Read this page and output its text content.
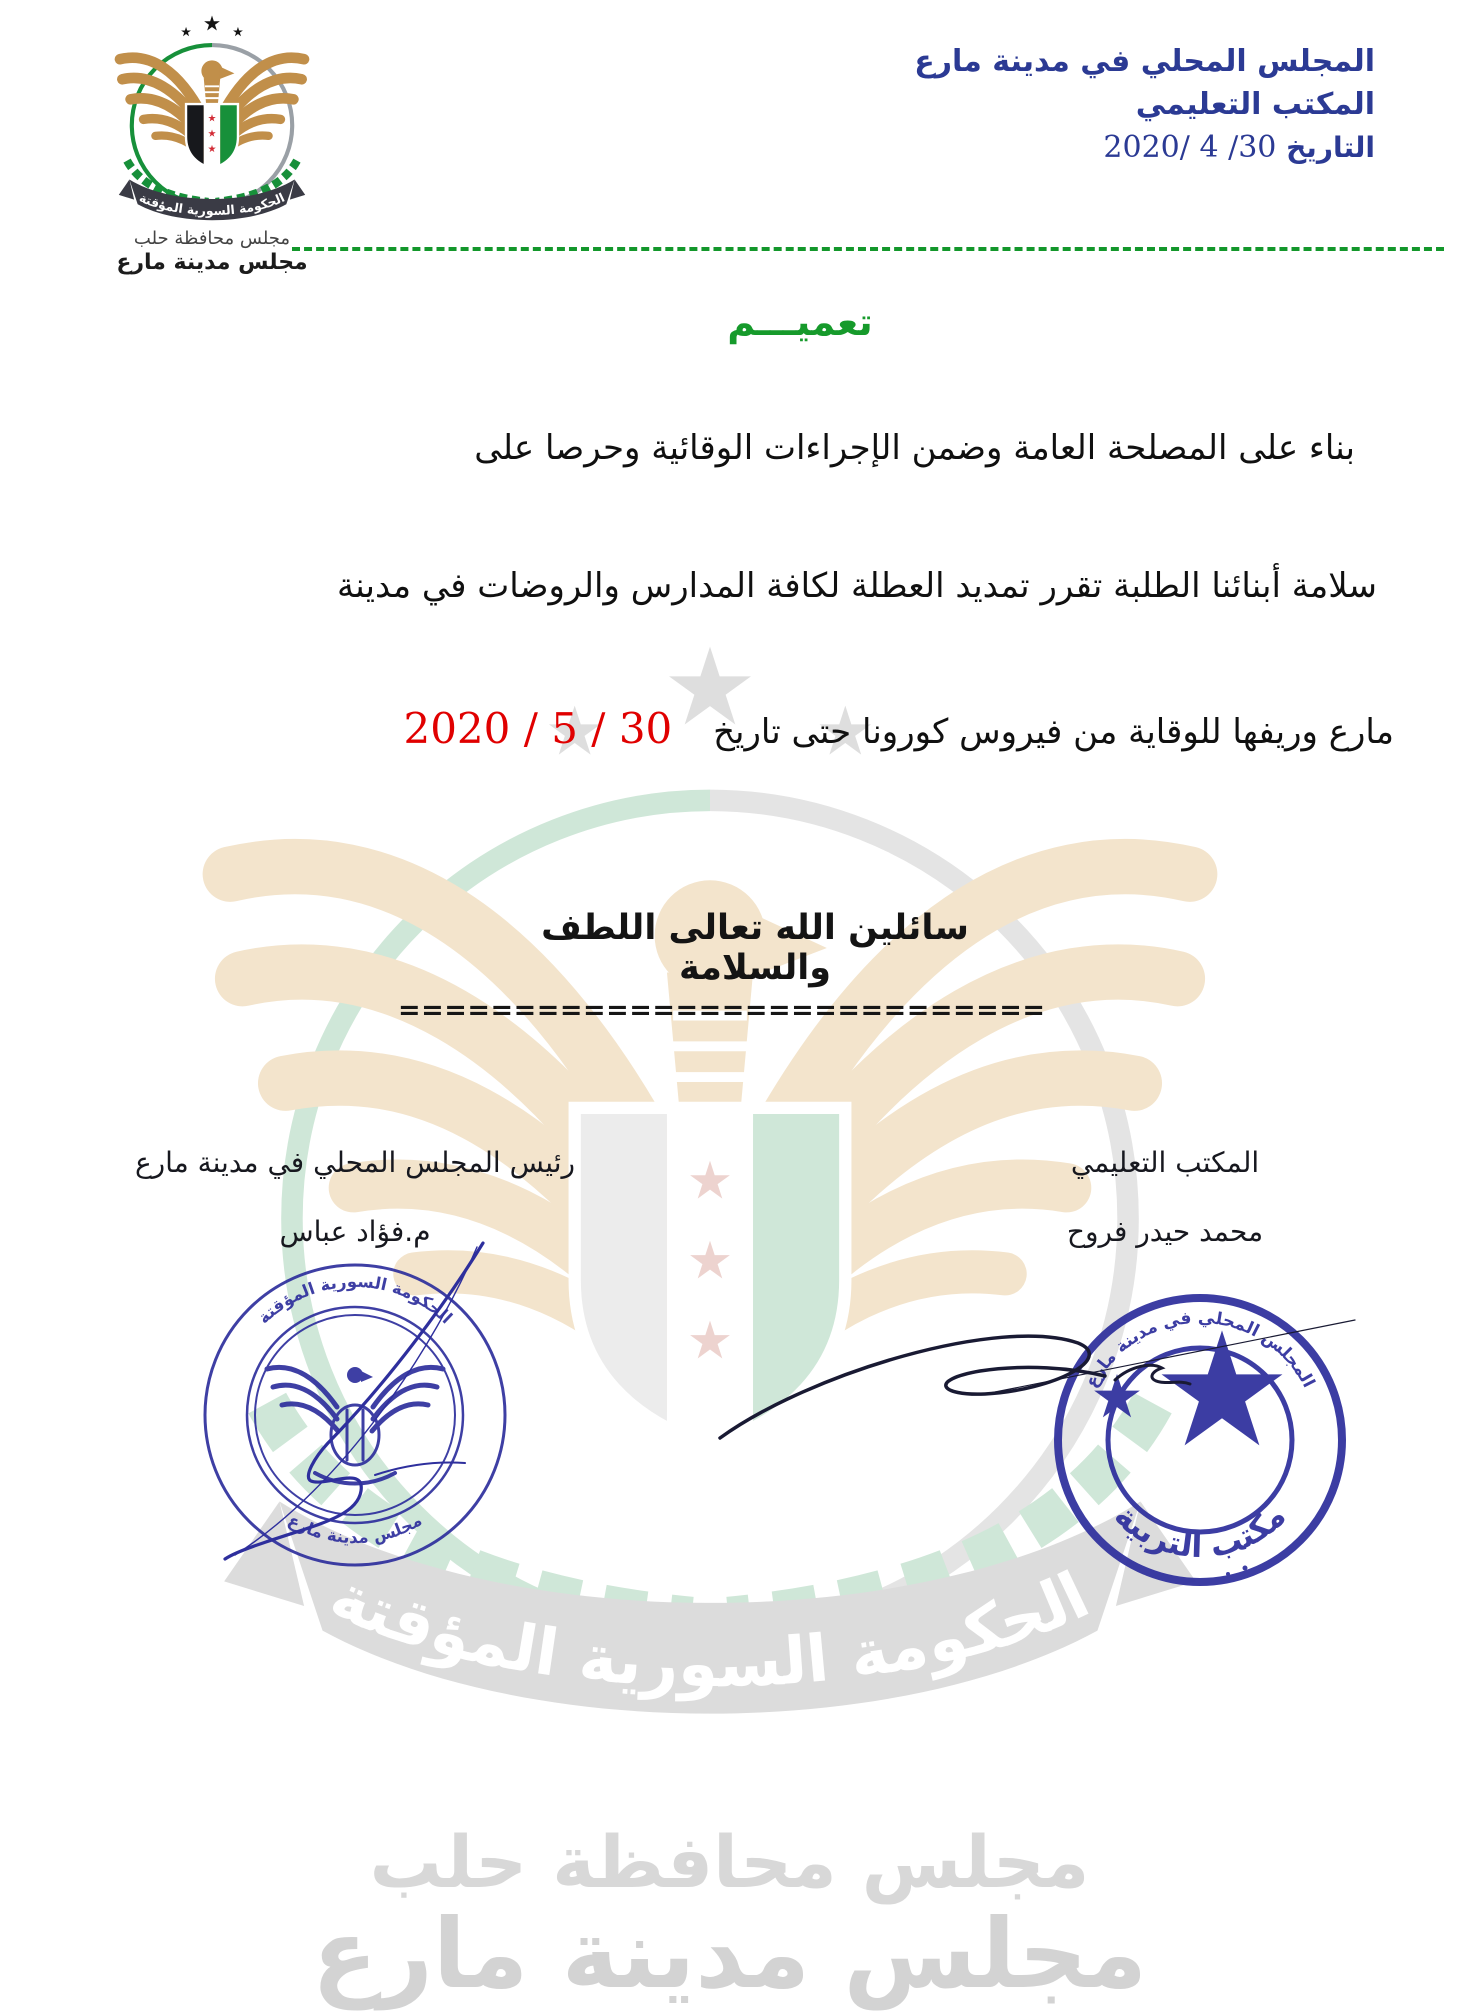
مجلس محافظة حلب
مجلس مدينة مارع
مجلس محافظة حلب
مجلس مدينة مارع
المجلس المحلي في مدينة مارع
المكتب التعليمي
التاريخ 30/ 4 /2020
تعميـــم
بناء على المصلحة العامة وضمن الإجراءات الوقائية وحرصا على
سلامة أبنائنا الطلبة تقرر تمديد العطلة لكافة المدارس والروضات في مدينة
مارع وريفها للوقاية من فيروس كورونا حتى تاريخ 30 / 5 / 2020
سائلين الله تعالى اللطف والسلامة
============================
رئيس المجلس المحلي في مدينة مارع
م.فؤاد عباس
المكتب التعليمي
محمد حيدر فروح
الحكومة السورية المؤقتة
مجلس مدينة مارع
المجلس المحلي في مدينة مارع
مكتب التربية
